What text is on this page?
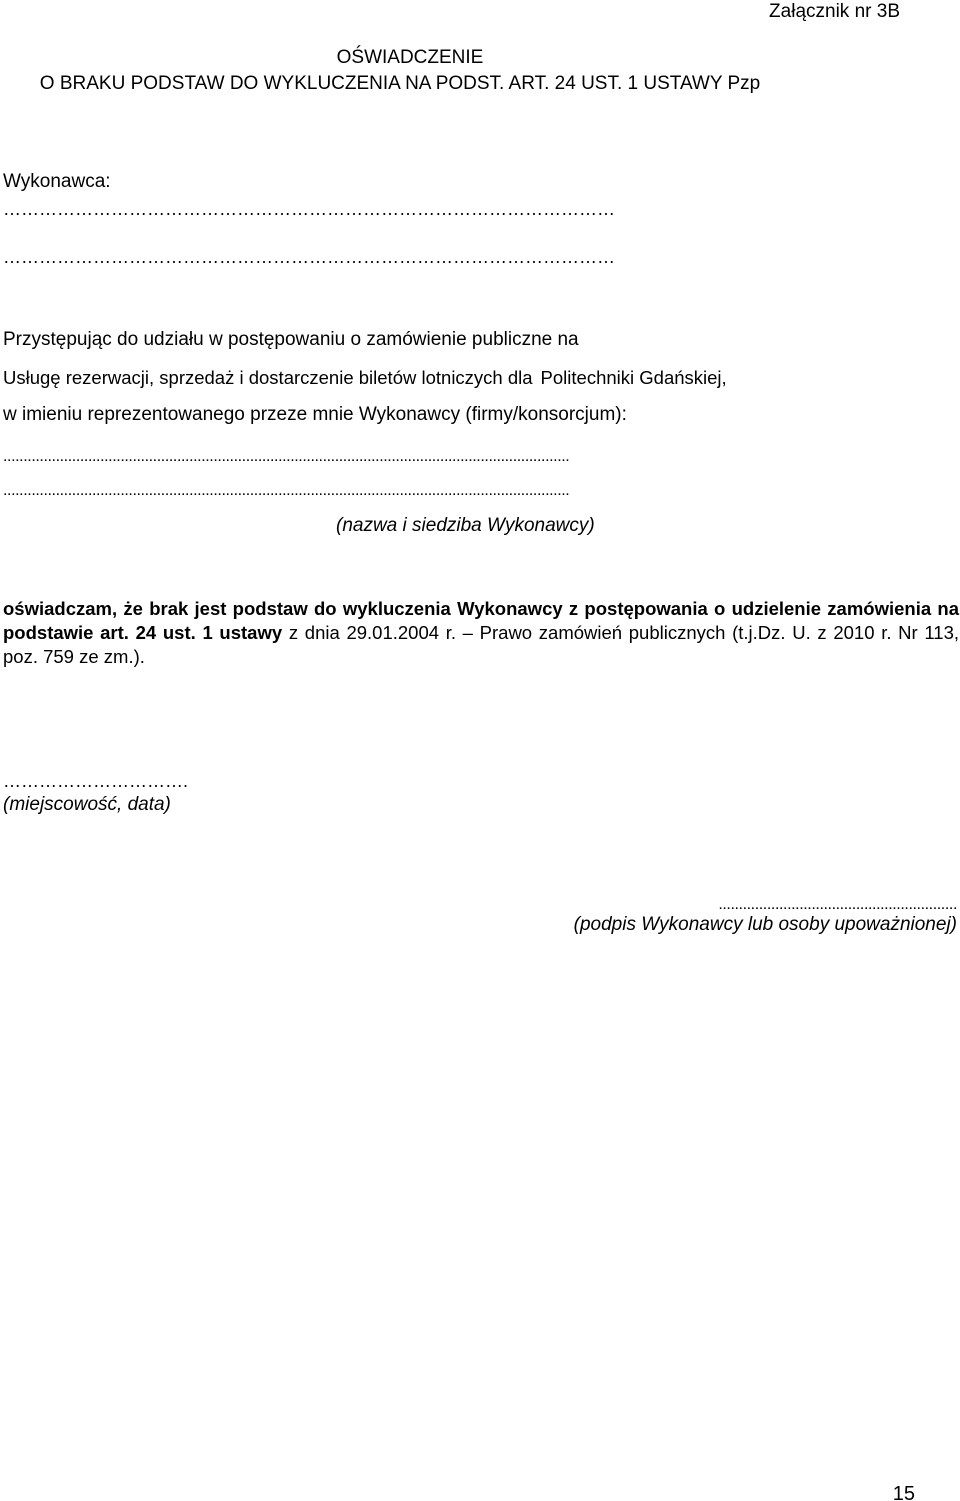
Załącznik nr 3B
OŚWIADCZENIE
O BRAKU PODSTAW DO WYKLUCZENIA NA PODST. ART. 24 UST. 1 USTAWY Pzp
Wykonawca:
…………………………………………………………………………………………
…………………………………………………………………………………………
Przystępując do udziału w postępowaniu o zamówienie publiczne na
Usługę rezerwacji, sprzedaż i dostarczenie biletów lotniczych dla Politechniki Gdańskiej,
w imieniu reprezentowanego przeze mnie Wykonawcy (firmy/konsorcjum):
............................................................................................................................................
............................................................................................................................................
(nazwa i siedziba Wykonawcy)
oświadczam, że brak jest podstaw do wykluczenia Wykonawcy z postępowania o udzielenie zamówienia na podstawie art. 24 ust. 1 ustawy z dnia 29.01.2004 r. – Prawo zamówień publicznych (t.j.Dz. U. z 2010 r. Nr 113, poz. 759 ze zm.).
………………………….
(miejscowość, data)
...........................................................
(podpis Wykonawcy lub osoby upoważnionej)
15
